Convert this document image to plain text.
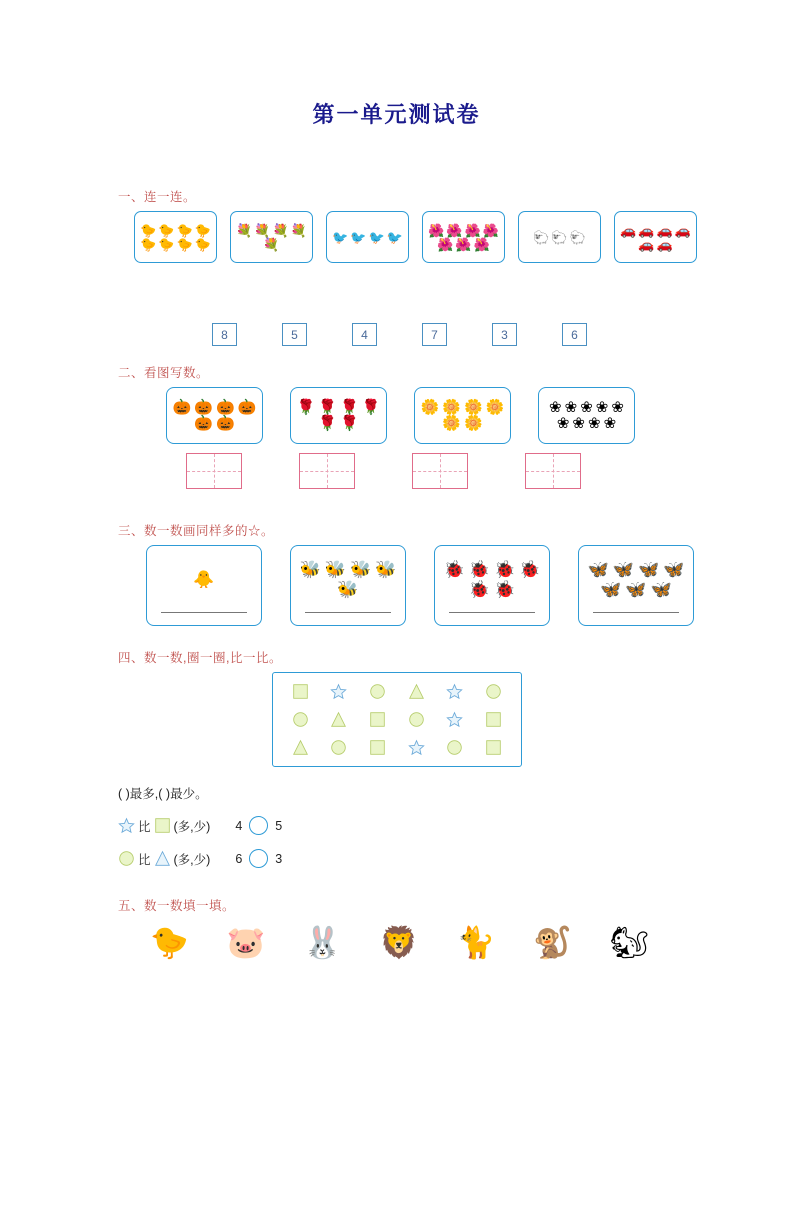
第一单元测试卷
一、连一连。
🐤 🐤 🐤 🐤
🐤 🐤 🐤 🐤
💐 💐 💐 💐
💐	🐦 🐦 🐦 🐦 🌺 🌺 🌺 🌺
🌺 🌺 🌺	🐑 🐑 🐑	🚗 🚗 🚗 🚗
🚗 🚗
8	5	4	7	3	6
二、看图写数。
🎃 🎃 🎃 🎃
🎃 🎃
🌹 🌹 🌹 🌹
🌹 🌹
🌼 🌼 🌼 🌼
🌼 🌼
❀ ❀ ❀ ❀ ❀
❀ ❀ ❀ ❀
三、数一数画同样多的☆。
🐥
🐝 🐝 🐝 🐝
🐝
🐞 🐞 🐞 🐞
🐞 🐞
🦋 🦋 🦋 🦋
🦋 🦋 🦋
四、数一数,圈一圈,比一比。
( )最多,( )最少。
比 (多,少) 4	5
比 (多,少) 6	3
五、数一数填一填。
🐤 🐷 🐰 🦁 🐈 🐒 🐿
